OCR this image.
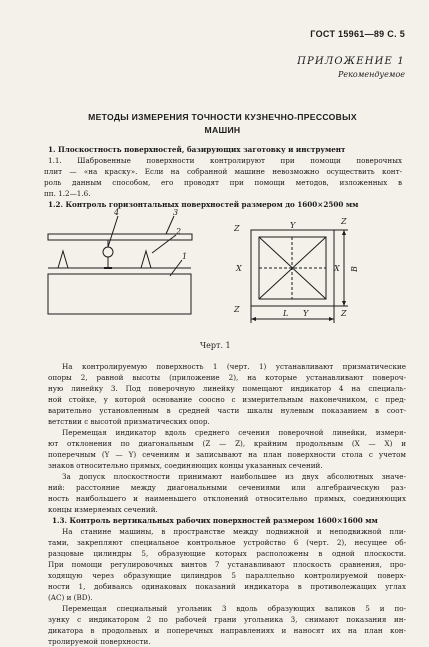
ГОСТ 15961—89 С. 5
ПРИЛОЖЕНИЕ 1
Рекомендуемое
МЕТОДЫ ИЗМЕРЕНИЯ ТОЧНОСТИ КУЗНЕЧНО-ПРЕССОВЫХ
МАШИН
1. Плоскостность поверхностей, базирующих заготовку и инструмент
1.1. Шабровенные поверхности контролируют при помощи поверочных
плит — «на краску». Если на собранной машине невозможно осуществить конт-
роль данным способом, его проводят при помощи методов, изложенных в
пп. 1.2—1.6.
1.2. Контроль горизонтальных поверхностей размером до 1600×2500 мм
4	3
2
1
Z
Z
Z	Z
X	X
Y
Y
L
В
Черт. 1
На контролируемую поверхность 1 (черт. 1) устанавливают призматические
опоры 2, равной высоты (приложение 2), на которые устанавливают повероч-
ную линейку 3. Под поверочную линейку помещают индикатор 4 на специаль-
ной стойке, у которой основание соосно с измерительным наконечником, с пред-
варительно установленным в средней части шкалы нулевым показанием в соот-
ветствии с высотой призматических опор.
Перемещая индикатор вдоль среднего сечения поверочной линейки, измеря-
ют отклонения по диагональным (Z — Z), крайним продольным (X — X) и
поперечным (Y — Y) сечениям и записывают на план поверхности стола с учетом
знаков относительно прямых, соединяющих концы указанных сечений.
За допуск плоскостности принимают наибольшее из двух абсолютных значе-
ний: расстояние между диагональными сечениями или алгебраическую раз-
ность наибольшего и наименьшего отклонений относительно прямых, соединяющих
концы измеряемых сечений.
1.3. Контроль вертикальных рабочих поверхностей размером 1600×1600 мм
На станине машины, в пространстве между подвижной и неподвижной пли-
тами, закрепляют специальное контрольное устройство 6 (черт. 2), несущее об-
разцовые цилиндры 5, образующие которых расположены в одной плоскости.
При помощи регулировочных винтов 7 устанавливают плоскость сравнения, про-
ходящую через образующие цилиндров 5 параллельно контролируемой поверх-
ности 1, добиваясь одинаковых показаний индикатора в противолежащих углах
(AC) и (BD).
Перемещая специальный угольник 3 вдоль образующих валиков 5 и по-
зунку с индикатором 2 по рабочей грани угольника 3, снимают показания ин-
дикатора в продольных и поперечных направлениях и наносят их на план кон-
тролируемой поверхности.
